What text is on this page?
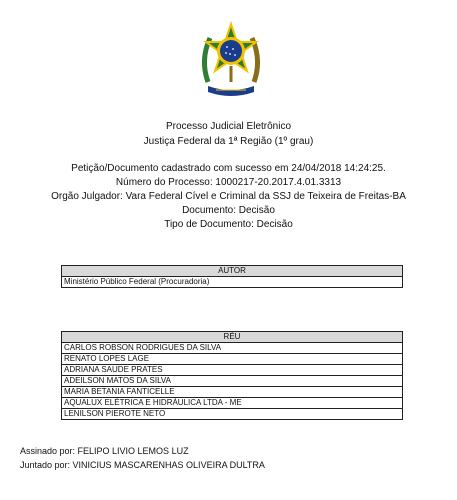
Processo Judicial Eletrônico
Justiça Federal da 1ª Região (1º grau)
Petição/Documento cadastrado com sucesso em 24/04/2018 14:24:25.
Número do Processo: 1000217-20.2017.4.01.3313
Orgão Julgador: Vara Federal Cível e Criminal da SSJ de Teixeira de Freitas-BA
Documento: Decisão
Tipo de Documento: Decisão
AUTOR
Ministério Público Federal (Procuradoria)
RÉU
CARLOS ROBSON RODRIGUES DA SILVA
RENATO LOPES LAGE
ADRIANA SAUDE PRATES
ADEILSON MATOS DA SILVA
MARIA BETANIA FANTICELLE
AQUALUX ELÉTRICA E HIDRÁULICA LTDA - ME
LENILSON PIEROTE NETO
Assinado por: FELIPO LIVIO LEMOS LUZ
Juntado por: VINICIUS MASCARENHAS OLIVEIRA DULTRA
